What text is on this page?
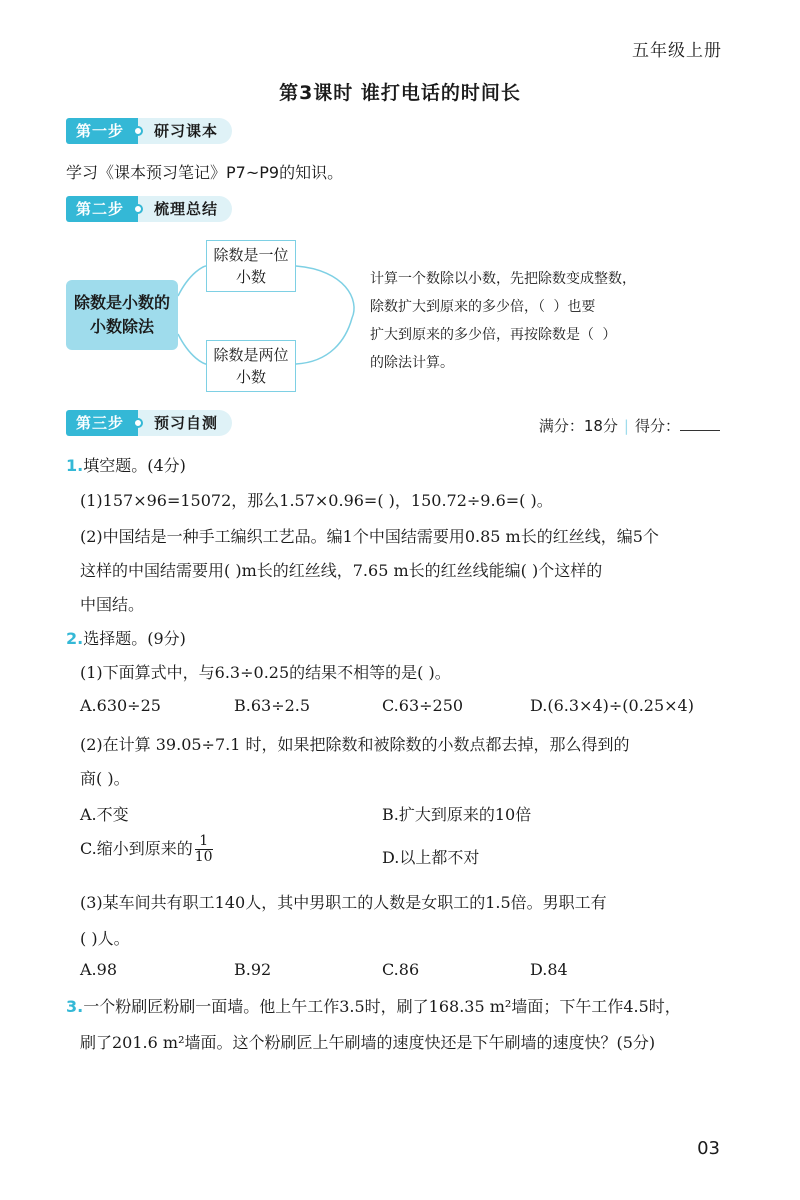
五年级上册
第3课时 谁打电话的时间长
第一步	研习课本
学习《课本预习笔记》P7~P9的知识。
第二步	梳理总结
除数是小数的
小数除法
除数是一位
小数
除数是两位
小数
计算一个数除以小数，先把除数变成整数，
除数扩大到原来的多少倍，（ ）也要
扩大到原来的多少倍，再按除数是（ ）
的除法计算。
第三步	预习自测	满分：18分 | 得分：
1.填空题。(4分)
(1)157×96=15072，那么1.57×0.96=( )，150.72÷9.6=( )。
(2)中国结是一种手工编织工艺品。编1个中国结需要用0.85 m长的红丝线，编5个
这样的中国结需要用( )m长的红丝线，7.65 m长的红丝线能编( )个这样的
中国结。
2.选择题。(9分)
(1)下面算式中，与6.3÷0.25的结果不相等的是( )。
A.630÷25	B.63÷2.5	C.63÷250	D.(6.3×4)÷(0.25×4)
(2)在计算 39.05÷7.1 时，如果把除数和被除数的小数点都去掉，那么得到的
商( )。
A.不变	B.扩大到原来的10倍
C.缩小到原来的 $\frac{1}{10}$	D.以上都不对
(3)某车间共有职工140人，其中男职工的人数是女职工的1.5倍。男职工有
( )人。
A.98	B.92	C.86	D.84
3.一个粉刷匠粉刷一面墙。他上午工作3.5时，刷了168.35 m²墙面；下午工作4.5时，
刷了201.6 m²墙面。这个粉刷匠上午刷墙的速度快还是下午刷墙的速度快？(5分)
03
